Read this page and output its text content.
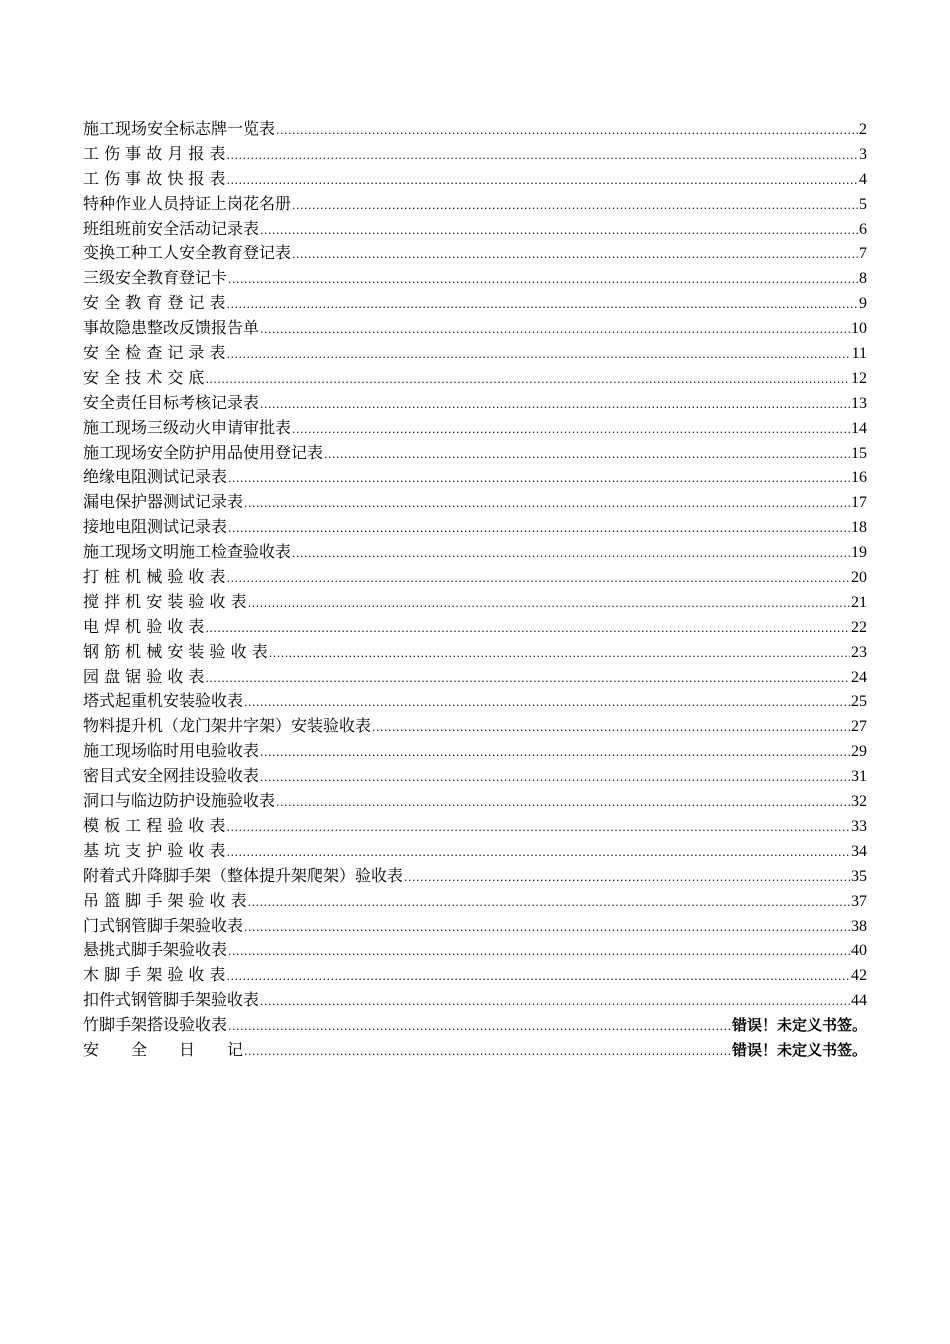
施工现场安全标志牌一览表 .....	2
工 伤 事 故 月 报 表 .....	3
工 伤 事 故 快 报 表 .....	4
特种作业人员持证上岗花名册 .....	5
班组班前安全活动记录表 .....	6
变换工种工人安全教育登记表 .....	7
三级安全教育登记卡 .....	8
安 全 教 育 登 记 表 .....	9
事故隐患整改反馈报告单 .....	10
安 全 检 查 记 录 表 .....	11
安 全 技 术 交 底 .....	12
安全责任目标考核记录表 .....	13
施工现场三级动火申请审批表 .....	14
施工现场安全防护用品使用登记表 .....	15
绝缘电阻测试记录表 .....	16
漏电保护器测试记录表 .....	17
接地电阻测试记录表 .....	18
施工现场文明施工检查验收表 .....	19
打 桩 机 械 验 收 表 .....	20
搅 拌 机 安 装 验 收 表 .....	21
电 焊 机 验 收 表 .....	22
钢 筋 机 械 安 装 验 收 表 .....	23
园 盘 锯 验 收 表 .....	24
塔式起重机安装验收表 .....	25
物料提升机（龙门架井字架）安装验收表 .....	27
施工现场临时用电验收表 .....	29
密目式安全网挂设验收表 .....	31
洞口与临边防护设施验收表 .....	32
模 板 工 程 验 收 表 .....	33
基 坑 支 护 验 收 表 .....	34
附着式升降脚手架（整体提升架爬架）验收表 .....	35
吊 篮 脚 手 架 验 收 表 .....	37
门式钢管脚手架验收表 .....	38
悬挑式脚手架验收表 .....	40
木 脚 手 架 验 收 表 .....	42
扣件式钢管脚手架验收表 .....	44
竹脚手架搭设验收表 .....	错误！未定义书签。
安　　全　　日　　记 .....	错误！未定义书签。
